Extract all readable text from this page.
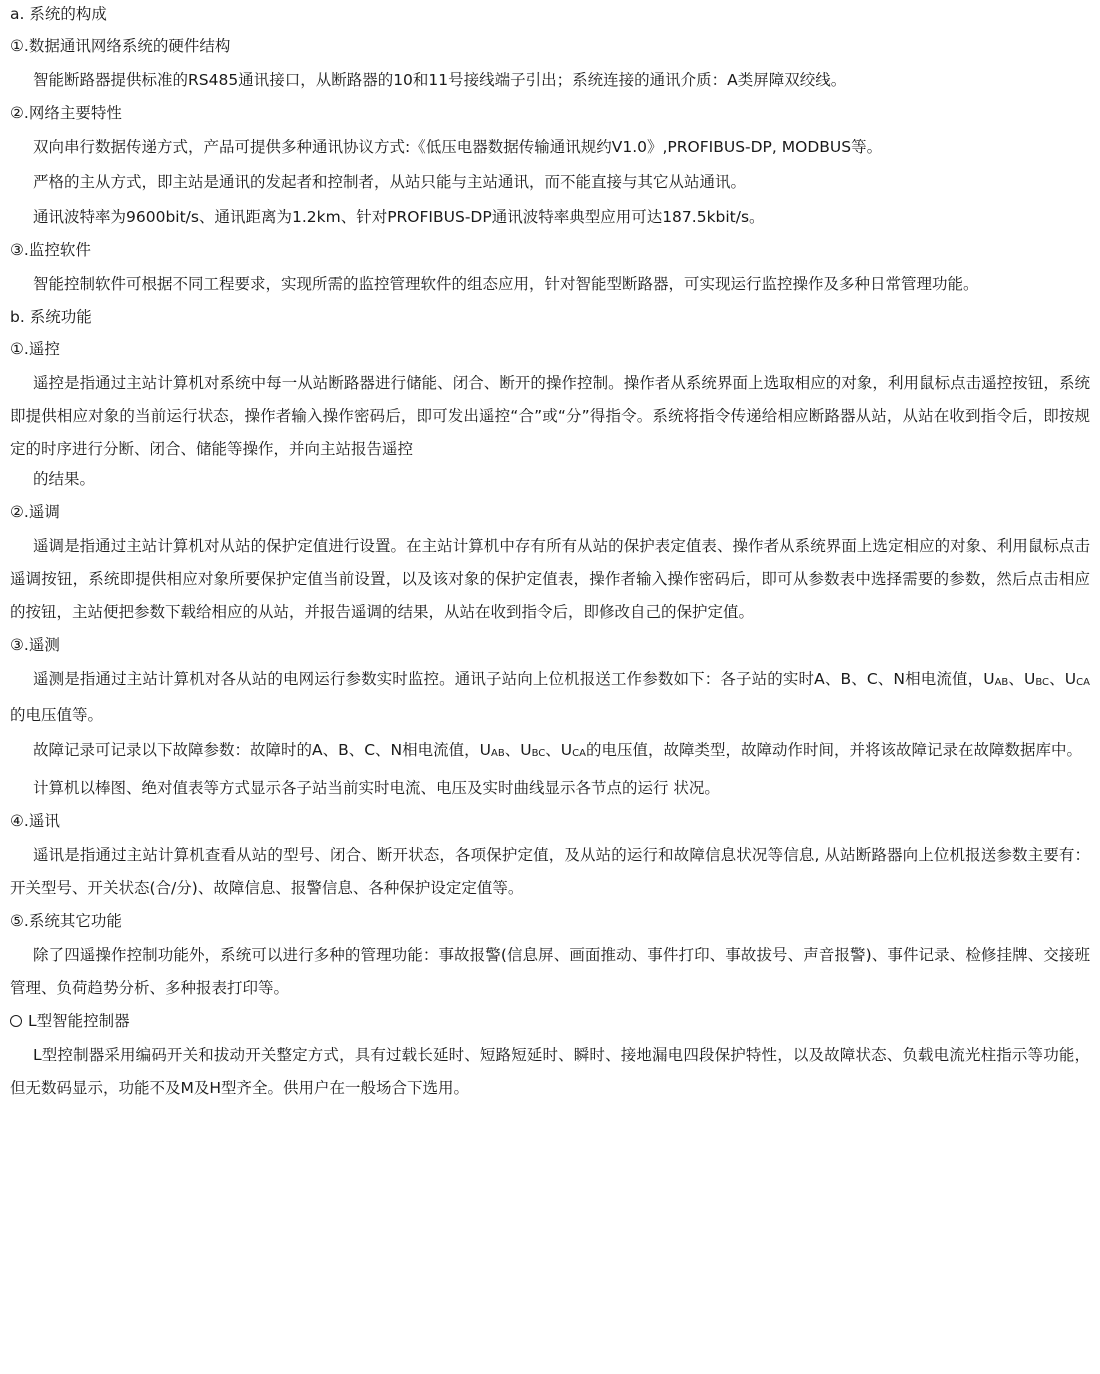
a. 系统的构成

①.数据通讯网络系统的硬件结构

智能断路器提供标准的RS485通讯接口，从断路器的10和11号接线端子引出；系统连接的通讯介质：A类屏障双绞线。

②.网络主要特性

双向串行数据传递方式，产品可提供多种通讯协议方式:《低压电器数据传输通讯规约V1.0》,PROFIBUS-DP, MODBUS等。

严格的主从方式，即主站是通讯的发起者和控制者，从站只能与主站通讯，而不能直接与其它从站通讯。

通讯波特率为9600bit/s、通讯距离为1.2km、针对PROFIBUS-DP通讯波特率典型应用可达187.5kbit/s。

③.监控软件

智能控制软件可根据不同工程要求，实现所需的监控管理软件的组态应用，针对智能型断路器，可实现运行监控操作及多种日常管理功能。

b. 系统功能

①.遥控

遥控是指通过主站计算机对系统中每一从站断路器进行储能、闭合、断开的操作控制。操作者从系统界面上选取相应的对象，利用鼠标点击遥控按钮，系统即提供相应对象的当前运行状态，操作者输入操作密码后，即可发出遥控“合”或“分”得指令。系统将指令传递给相应断路器从站，从站在收到指令后，即按规定的时序进行分断、闭合、储能等操作，并向主站报告遥控

的结果。

②.遥调

遥调是指通过主站计算机对从站的保护定值进行设置。在主站计算机中存有所有从站的保护表定值表、操作者从系统界面上选定相应的对象、利用鼠标点击遥调按钮，系统即提供相应对象所要保护定值当前设置，以及该对象的保护定值表，操作者输入操作密码后，即可从参数表中选择需要的参数，然后点击相应的按钮，主站便把参数下载给相应的从站，并报告遥调的结果，从站在收到指令后，即修改自己的保护定值。

③.遥测

遥测是指通过主站计算机对各从站的电网运行参数实时监控。通讯子站向上位机报送工作参数如下：各子站的实时A、B、C、N相电流值，UAB、UBC、UCA的电压值等。

故障记录可记录以下故障参数：故障时的A、B、C、N相电流值，UAB、UBC、UCA的电压值，故障类型，故障动作时间，并将该故障记录在故障数据库中。

计算机以棒图、绝对值表等方式显示各子站当前实时电流、电压及实时曲线显示各节点的运行 状况。

④.遥讯

遥讯是指通过主站计算机查看从站的型号、闭合、断开状态，各项保护定值，及从站的运行和故障信息状况等信息, 从站断路器向上位机报送参数主要有：开关型号、开关状态(合/分)、故障信息、报警信息、各种保护设定定值等。

⑤.系统其它功能

除了四遥操作控制功能外，系统可以进行多种的管理功能：事故报警(信息屏、画面推动、事件打印、事故拔号、声音报警)、事件记录、检修挂牌、交接班管理、负荷趋势分析、多种报表打印等。

L型智能控制器

L型控制器采用编码开关和拔动开关整定方式，具有过载长延时、短路短延时、瞬时、接地漏电四段保护特性，以及故障状态、负载电流光柱指示等功能，但无数码显示，功能不及M及H型齐全。供用户在一般场合下选用。
